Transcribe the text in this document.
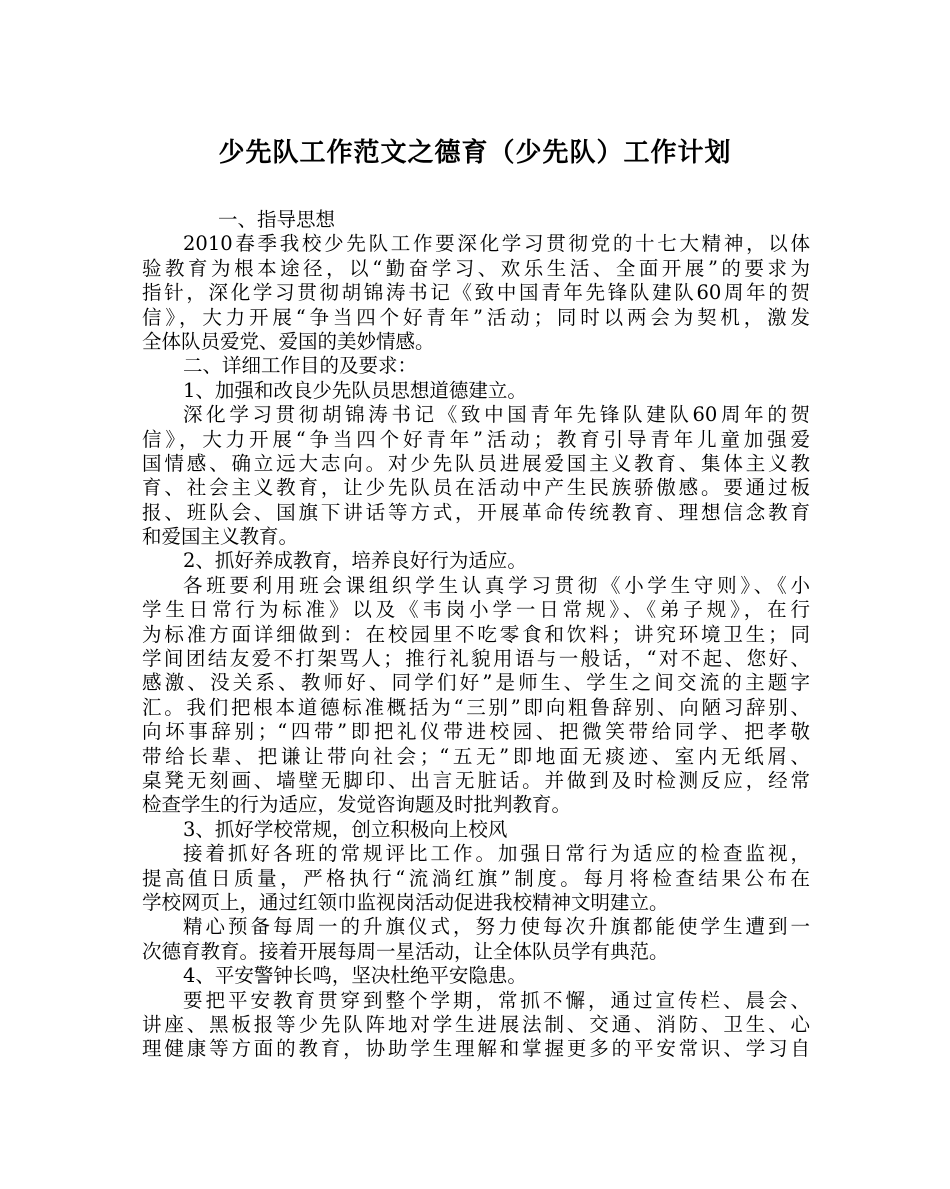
少先队工作范文之德育（少先队）工作计划
一、指导思想
2010春季我校少先队工作要深化学习贯彻党的十七大精神，以体
验教育为根本途径，以“勤奋学习、欢乐生活、全面开展”的要求为
指针，深化学习贯彻胡锦涛书记《致中国青年先锋队建队60周年的贺
信》，大力开展“争当四个好青年”活动；同时以两会为契机，激发
全体队员爱党、爱国的美妙情感。
二、详细工作目的及要求：
1、加强和改良少先队员思想道德建立。
深化学习贯彻胡锦涛书记《致中国青年先锋队建队60周年的贺
信》，大力开展“争当四个好青年”活动；教育引导青年儿童加强爱
国情感、确立远大志向。对少先队员进展爱国主义教育、集体主义教
育、社会主义教育，让少先队员在活动中产生民族骄傲感。要通过板
报、班队会、国旗下讲话等方式，开展革命传统教育、理想信念教育
和爱国主义教育。
2、抓好养成教育，培养良好行为适应。
各班要利用班会课组织学生认真学习贯彻《小学生守则》、《小
学生日常行为标准》以及《韦岗小学一日常规》、《弟子规》，在行
为标准方面详细做到：在校园里不吃零食和饮料；讲究环境卫生；同
学间团结友爱不打架骂人；推行礼貌用语与一般话，“对不起、您好、
感激、没关系、教师好、同学们好”是师生、学生之间交流的主题字
汇。我们把根本道德标准概括为“三别”即向粗鲁辞别、向陋习辞别、
向坏事辞别；“四带”即把礼仪带进校园、把微笑带给同学、把孝敬
带给长辈、把谦让带向社会；“五无”即地面无痰迹、室内无纸屑、
桌凳无刻画、墙壁无脚印、出言无脏话。并做到及时检测反应，经常
检查学生的行为适应，发觉咨询题及时批判教育。
3、抓好学校常规，创立积极向上校风
接着抓好各班的常规评比工作。加强日常行为适应的检查监视，
提高值日质量，严格执行“流淌红旗”制度。每月将检查结果公布在
学校网页上，通过红领巾监视岗活动促进我校精神文明建立。
精心预备每周一的升旗仪式，努力使每次升旗都能使学生遭到一
次德育教育。接着开展每周一星活动，让全体队员学有典范。
4、平安警钟长鸣，坚决杜绝平安隐患。
要把平安教育贯穿到整个学期，常抓不懈，通过宣传栏、晨会、
讲座、黑板报等少先队阵地对学生进展法制、交通、消防、卫生、心
理健康等方面的教育，协助学生理解和掌握更多的平安常识、学习自
